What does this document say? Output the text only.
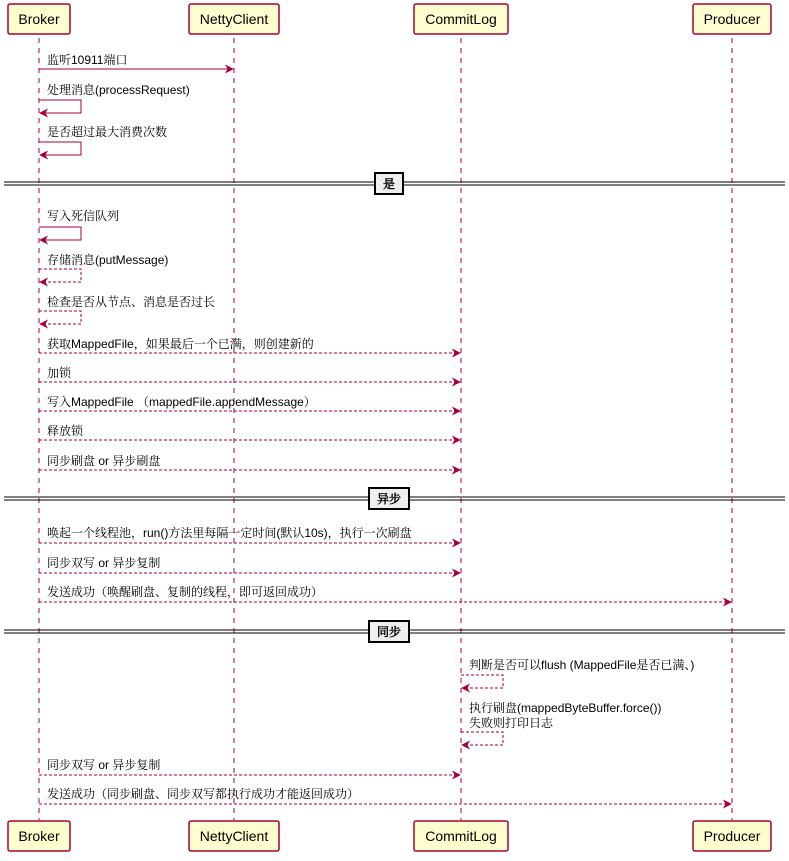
Broker	NettyClient	CommitLog	Producer
Broker	NettyClient	CommitLog	Producer
监听10911端口
处理消息(processRequest)
是否超过最大消费次数
是
写入死信队列
存储消息(putMessage)
检查是否从节点、消息是否过长
获取MappedFile，如果最后一个已满，则创建新的
加锁
写入MappedFile （mappedFile.appendMessage）
释放锁
同步刷盘 or 异步刷盘
异步
唤起一个线程池，run()方法里每隔一定时间(默认10s)，执行一次刷盘
同步双写 or 异步复制
发送成功（唤醒刷盘、复制的线程，即可返回成功）
同步
判断是否可以flush (MappedFile是否已满、)
执行刷盘(mappedByteBuffer.force())
失败则打印日志
同步双写 or 异步复制
发送成功（同步刷盘、同步双写都执行成功才能返回成功）
